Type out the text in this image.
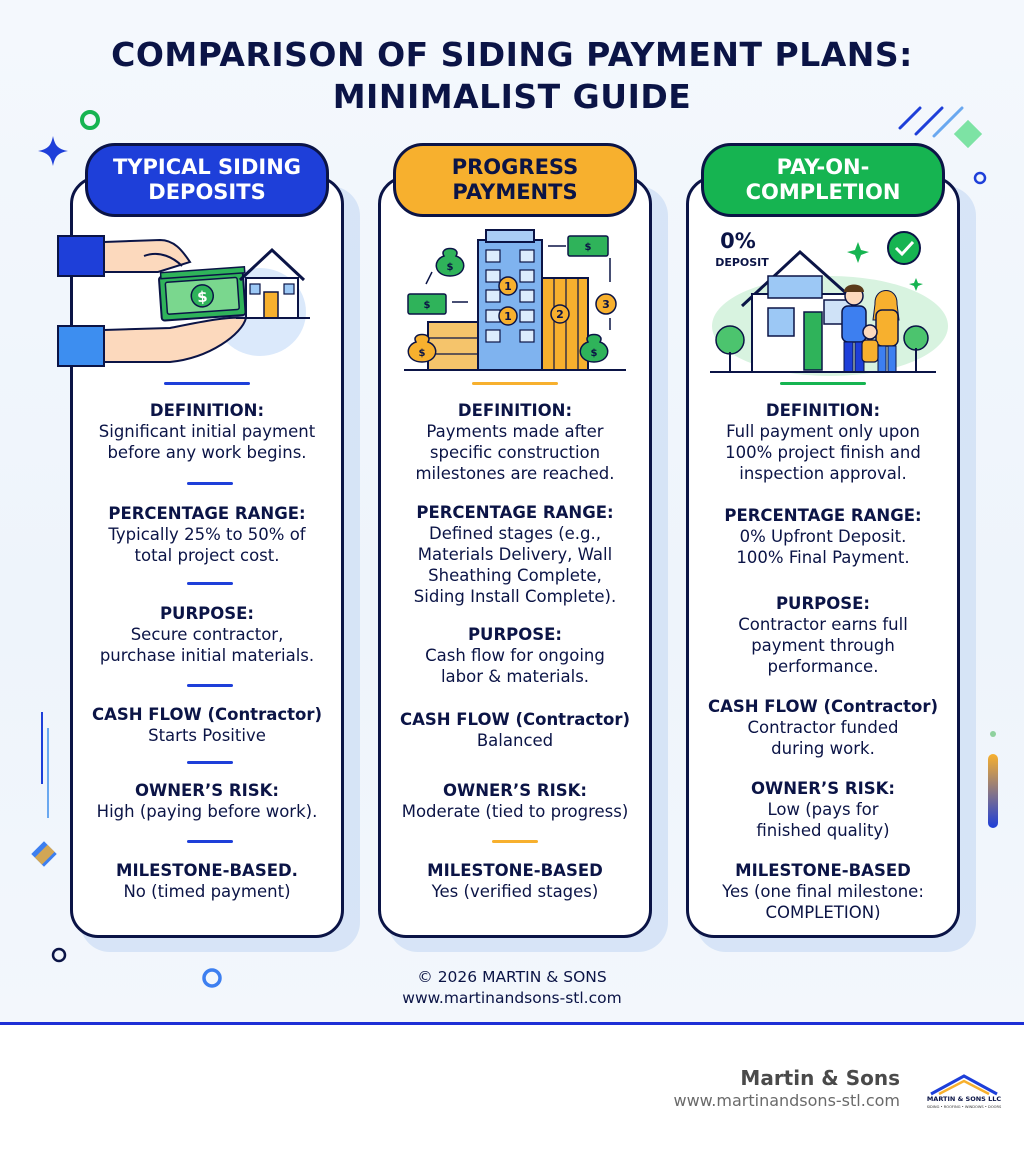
COMPARISON OF SIDING PAYMENT PLANS:
MINIMALIST GUIDE
TYPICAL SIDING DEPOSITS
$
DEFINITION:
Significant initial payment before any work begins.
PERCENTAGE RANGE:
Typically 25% to 50% of total project cost.
PURPOSE:
Secure contractor, purchase initial materials.
CASH FLOW (Contractor)
Starts Positive
OWNER’S RISK:
High (paying before work).
MILESTONE-BASED.
No (timed payment)
PROGRESS PAYMENTS
1
1	2
3
$
$
$
$	$
DEFINITION:
Payments made after specific construction milestones are reached.
PERCENTAGE RANGE:
Defined stages (e.g., Materials Delivery, Wall Sheathing Complete, Siding Install Complete).
PURPOSE:
Cash flow for ongoing labor & materials.
CASH FLOW (Contractor)
Balanced
OWNER’S RISK:
Moderate (tied to progress)
MILESTONE-BASED
Yes (verified stages)
PAY-ON-COMPLETION
0%
DEPOSIT
DEFINITION:
Full payment only upon 100% project finish and inspection approval.
PERCENTAGE RANGE:
0% Upfront Deposit. 100% Final Payment.
PURPOSE:
Contractor earns full payment through performance.
CASH FLOW (Contractor)
Contractor funded during work.
OWNER’S RISK:
Low (pays for finished quality)
MILESTONE-BASED
Yes (one final milestone: COMPLETION)
© 2026 MARTIN & SONS
www.martinandsons-stl.com
Martin & Sons
www.martinandsons-stl.com	MARTIN & SONS LLC
SIDING • ROOFING • WINDOWS • DOORS
